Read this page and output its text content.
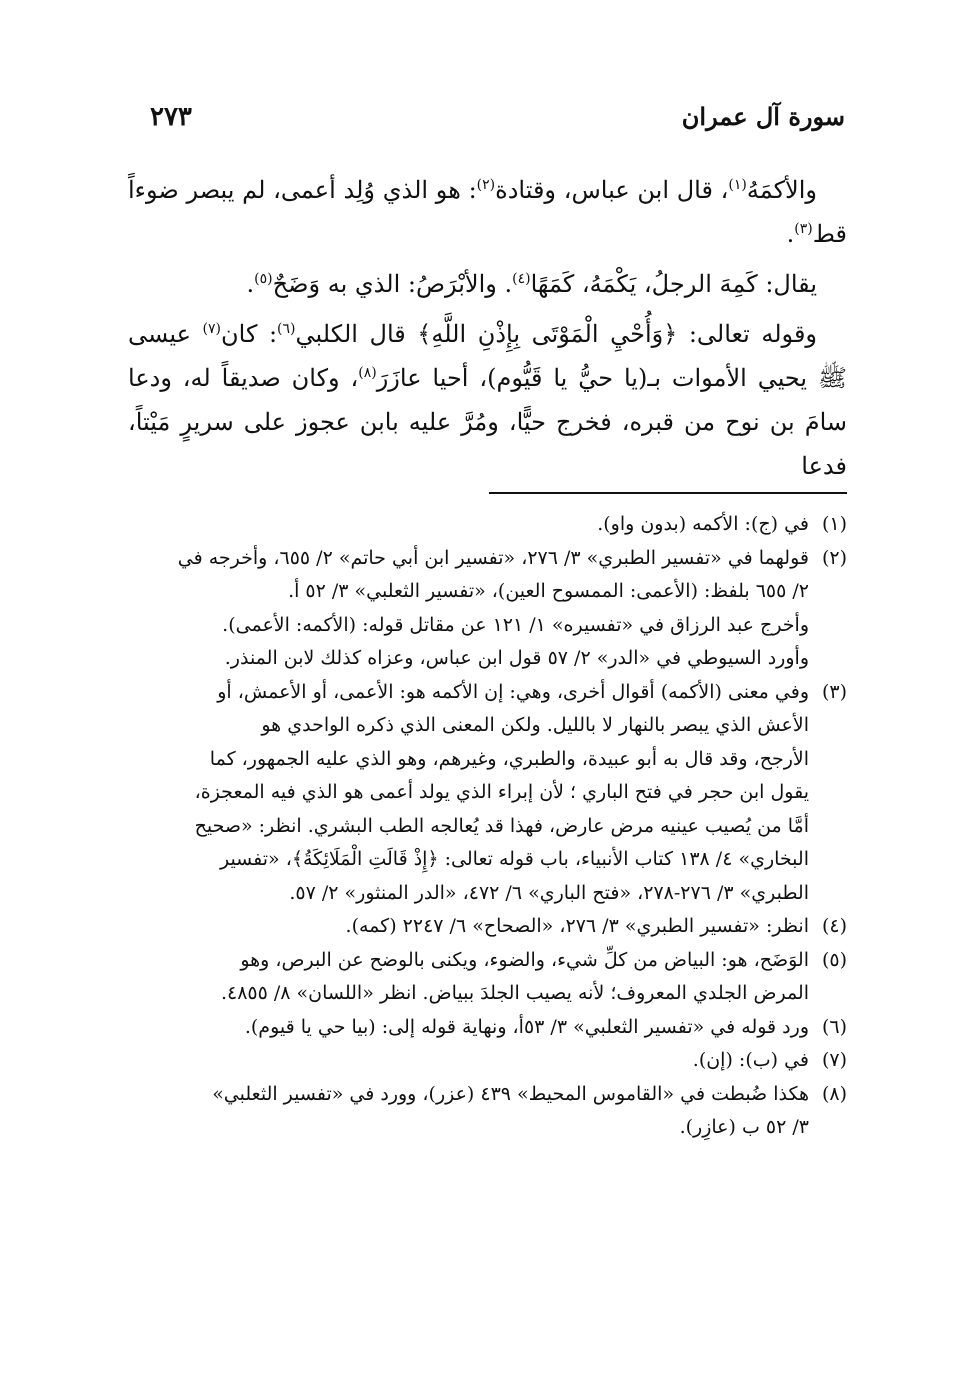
سورة آل عمران
٢٧٣

والأكمَهُ$^{(١)}$، قال ابن عباس، وقتادة$^{(٢)}$: هو الذي وُلِد أعمى، لم يبصر ضوءاً قط$^{(٣)}$.

يقال: كَمِهَ الرجلُ، يَكْمَهُ، كَمَهًا$^{(٤)}$. والأبْرَصُ: الذي به وَضَحٌ$^{(٥)}$.

وقوله تعالى: ﴿وَأُحْيِ الْمَوْتَى بِإِذْنِ اللَّهِ﴾ قال الكلبي$^{(٦)}$: كان$^{(٧)}$ عيسى ﷺ يحيي الأموات بـ(يا حيُّ يا قَيُّوم)، أحيا عازَرَ$^{(٨)}$، وكان صديقاً له، ودعا سامَ بن نوح من قبره، فخرج حيًّا، ومُرَّ عليه بابن عجوز على سريرٍ مَيْتاً، فدعا

(١)
في (ج): الأكمه (بدون واو).
(٢)
قولهما في «تفسير الطبري» ٣/ ٢٧٦، «تفسير ابن أبي حاتم» ٢/ ٦٥٥، وأخرجه في
٢/ ٦٥٥ بلفظ: (الأعمى: الممسوح العين)، «تفسير الثعلبي» ٣/ ٥٢ أ.
وأخرج عبد الرزاق في «تفسيره» ١/ ١٢١ عن مقاتل قوله: (الأكمه: الأعمى).
وأورد السيوطي في «الدر» ٢/ ٥٧ قول ابن عباس، وعزاه كذلك لابن المنذر.
(٣)
وفي معنى (الأكمه) أقوال أخرى، وهي: إن الأكمه هو: الأعمى، أو الأعمش، أو
الأعش الذي يبصر بالنهار لا بالليل. ولكن المعنى الذي ذكره الواحدي هو
الأرجح، وقد قال به أبو عبيدة، والطبري، وغيرهم، وهو الذي عليه الجمهور، كما
يقول ابن حجر في فتح الباري ؛ لأن إبراء الذي يولد أعمى هو الذي فيه المعجزة،
أمَّا من يُصيب عينيه مرض عارض، فهذا قد يُعالجه الطب البشري. انظر: «صحيح
البخاري» ٤/ ١٣٨ كتاب الأنبياء، باب قوله تعالى: ﴿إِذْ قَالَتِ الْمَلَائِكَةُ﴾، «تفسير
الطبري» ٣/ ٢٧٦-٢٧٨، «فتح الباري» ٦/ ٤٧٢، «الدر المنثور» ٢/ ٥٧.
(٤)
انظر: «تفسير الطبري» ٣/ ٢٧٦، «الصحاح» ٦/ ٢٢٤٧ (كمه).
(٥)
الوَضَح، هو: البياض من كلِّ شيء، والضوء، ويكنى بالوضح عن البرص، وهو
المرض الجلدي المعروف؛ لأنه يصيب الجلدَ ببياض. انظر «اللسان» ٨/ ٤٨٥٥.
(٦)
ورد قوله في «تفسير الثعلبي» ٣/ ٥٣أ، ونهاية قوله إلى: (بيا حي يا قيوم).
(٧)
في (ب): (إن).
(٨)
هكذا ضُبطت في «القاموس المحيط» ٤٣٩ (عزر)، وورد في «تفسير الثعلبي»
٣/ ٥٢ ب (عازِر).
